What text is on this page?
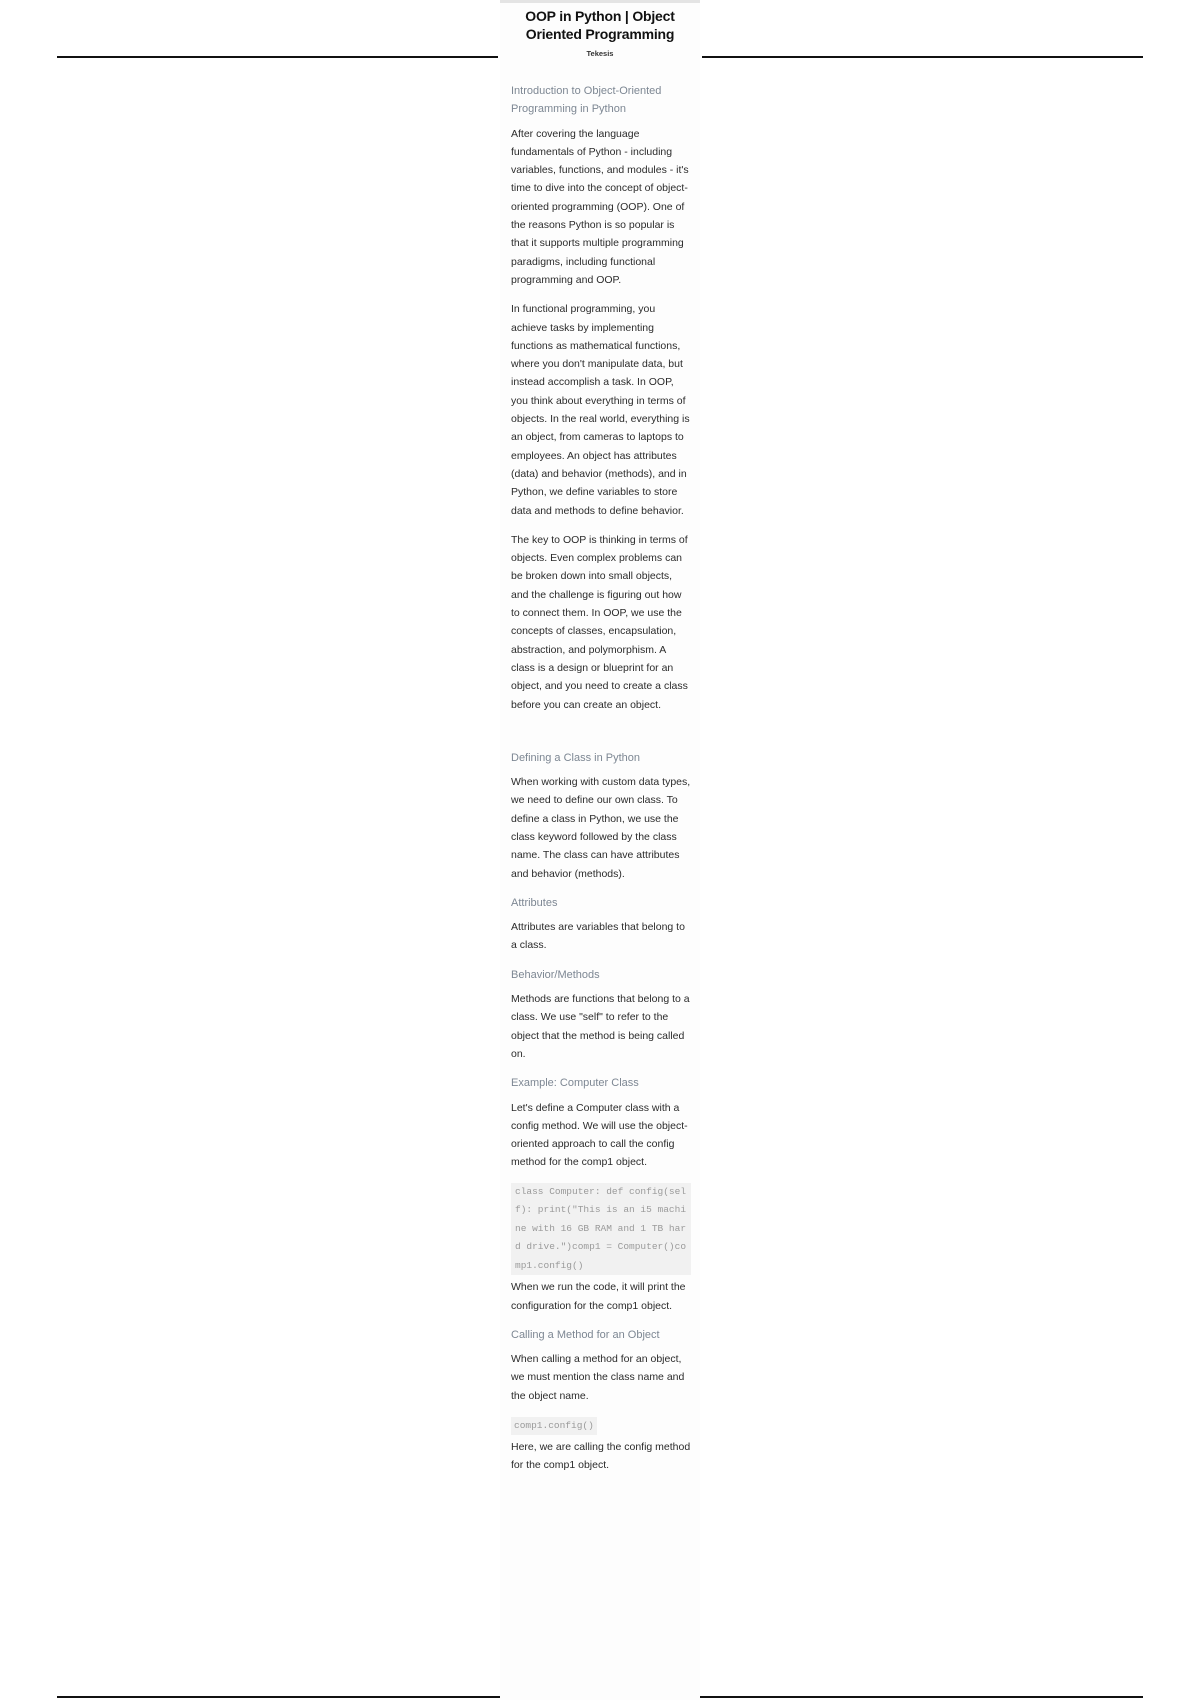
OOP in Python | Object Oriented Programming

Tekesis

Introduction to Object-Oriented Programming in Python

After covering the language fundamentals of Python - including variables, functions, and modules - it's time to dive into the concept of object-oriented programming (OOP). One of the reasons Python is so popular is that it supports multiple programming paradigms, including functional programming and OOP.

In functional programming, you achieve tasks by implementing functions as mathematical functions, where you don't manipulate data, but instead accomplish a task. In OOP, you think about everything in terms of objects. In the real world, everything is an object, from cameras to laptops to employees. An object has attributes (data) and behavior (methods), and in Python, we define variables to store data and methods to define behavior.

The key to OOP is thinking in terms of objects. Even complex problems can be broken down into small objects, and the challenge is figuring out how to connect them. In OOP, we use the concepts of classes, encapsulation, abstraction, and polymorphism. A class is a design or blueprint for an object, and you need to create a class before you can create an object.

Defining a Class in Python

When working with custom data types, we need to define our own class. To define a class in Python, we use the class keyword followed by the class name. The class can have attributes and behavior (methods).

Attributes

Attributes are variables that belong to a class.

Behavior/Methods

Methods are functions that belong to a class. We use "self" to refer to the object that the method is being called on.

Example: Computer Class

Let's define a Computer class with a config method. We will use the object-oriented approach to call the config method for the comp1 object.

class Computer: def config(self): print("This is an i5 machine with 16 GB RAM and 1 TB hard drive.")comp1 = Computer()comp1.config()

When we run the code, it will print the configuration for the comp1 object.

Calling a Method for an Object

When calling a method for an object, we must mention the class name and the object name.

comp1.config()

Here, we are calling the config method for the comp1 object.
